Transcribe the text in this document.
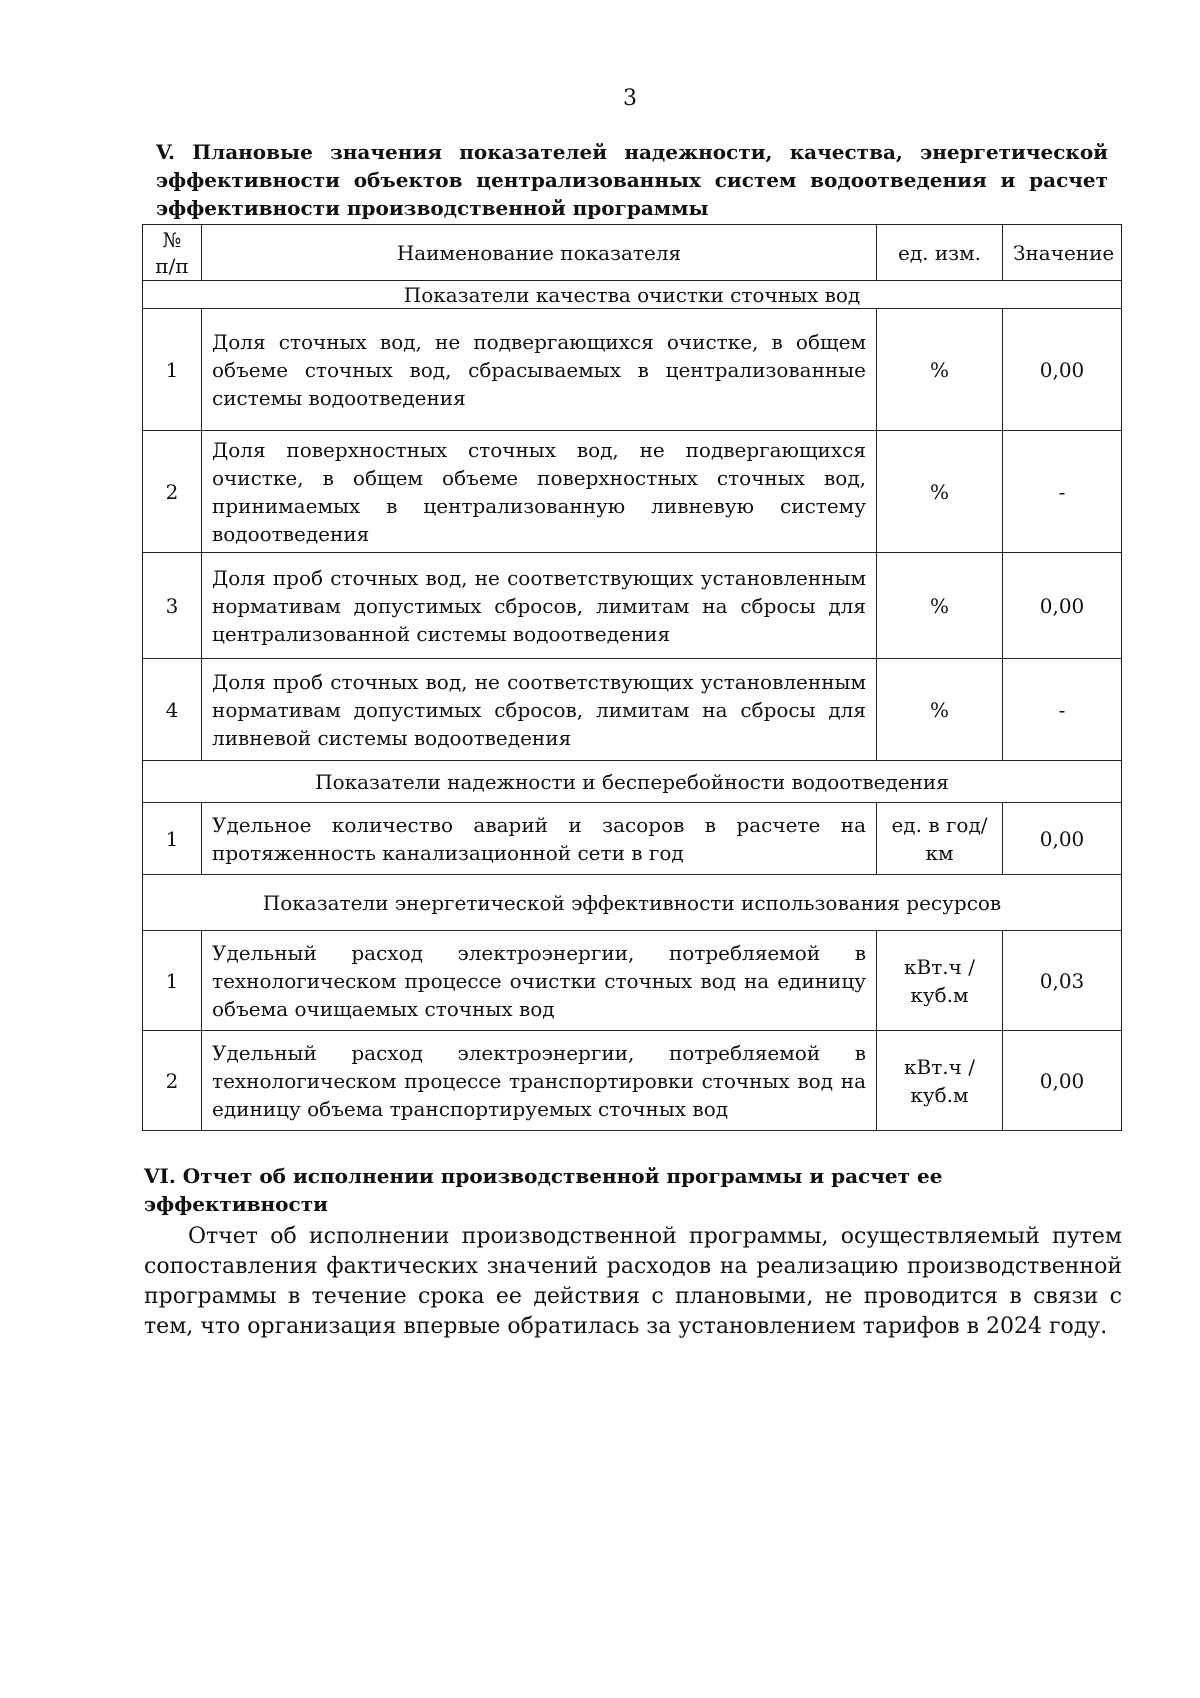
3
V. Плановые значения показателей надежности, качества, энергетической эффективности объектов централизованных систем водоотведения и расчет эффективности производственной программы
№ п/п	Наименование показателя	ед. изм.	Значение
Показатели качества очистки сточных вод			
1	Доля сточных вод, не подвергающихся очистке, в общем объеме сточных вод, сбрасываемых в централизованные системы водоотведения	%	0,00
2	Доля поверхностных сточных вод, не подвергающихся очистке, в общем объеме поверхностных сточных вод, принимаемых в централизованную ливневую систему водоотведения	%	-
3	Доля проб сточных вод, не соответствующих установленным нормативам допустимых сбросов, лимитам на сбросы для централизованной системы водоотведения	%	0,00
4	Доля проб сточных вод, не соответствующих установленным нормативам допустимых сбросов, лимитам на сбросы для ливневой системы водоотведения	%	-
Показатели надежности и бесперебойности водоотведения			
1	Удельное количество аварий и засоров в расчете на протяженность канализационной сети в год	ед. в год/ км	0,00
Показатели энергетической эффективности использования ресурсов			
1	Удельный расход электроэнергии, потребляемой в технологическом процессе очистки сточных вод на единицу объема очищаемых сточных вод	кВт.ч / куб.м	0,03
2	Удельный расход электроэнергии, потребляемой в технологическом процессе транспортировки сточных вод на единицу объема транспортируемых сточных вод	кВт.ч / куб.м	0,00
VI. Отчет об исполнении производственной программы и расчет ее эффективности
Отчет об исполнении производственной программы, осуществляемый путем сопоставления фактических значений расходов на реализацию производственной программы в течение срока ее действия с плановыми, не проводится в связи с тем, что организация впервые обратилась за установлением тарифов в 2024 году.
